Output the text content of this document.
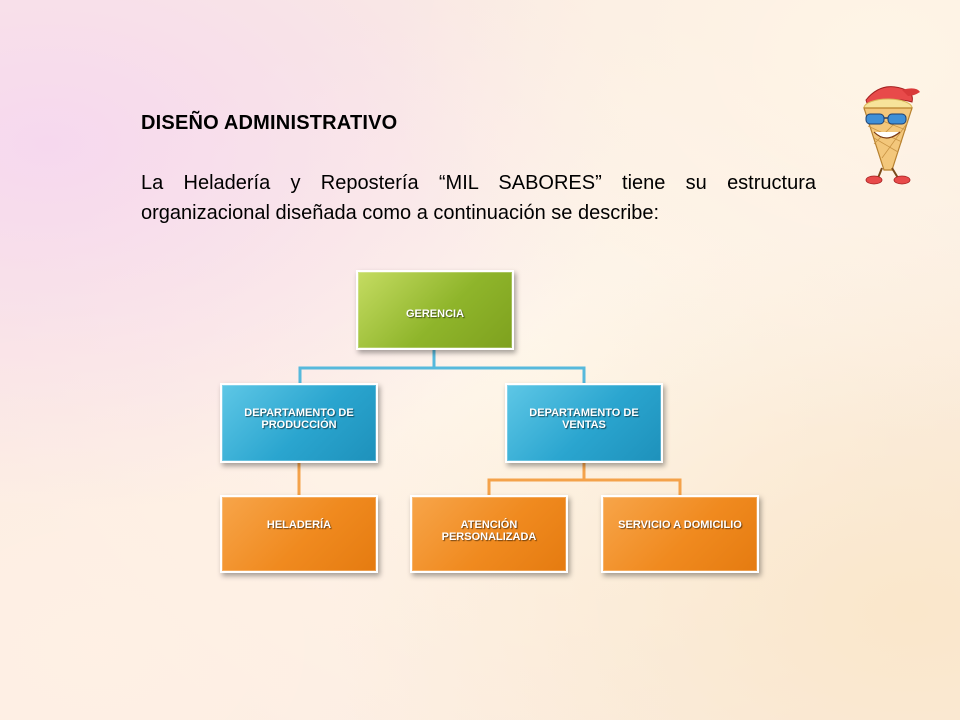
DISEÑO ADMINISTRATIVO

La Heladería y Repostería “MIL SABORES” tiene su estructura organizacional diseñada como a continuación se describe:

GERENCIA
DEPARTAMENTO DE PRODUCCIÓN
DEPARTAMENTO DE VENTAS
HELADERÍA	ATENCIÓN PERSONALIZADA
SERVICIO A DOMICILIO
